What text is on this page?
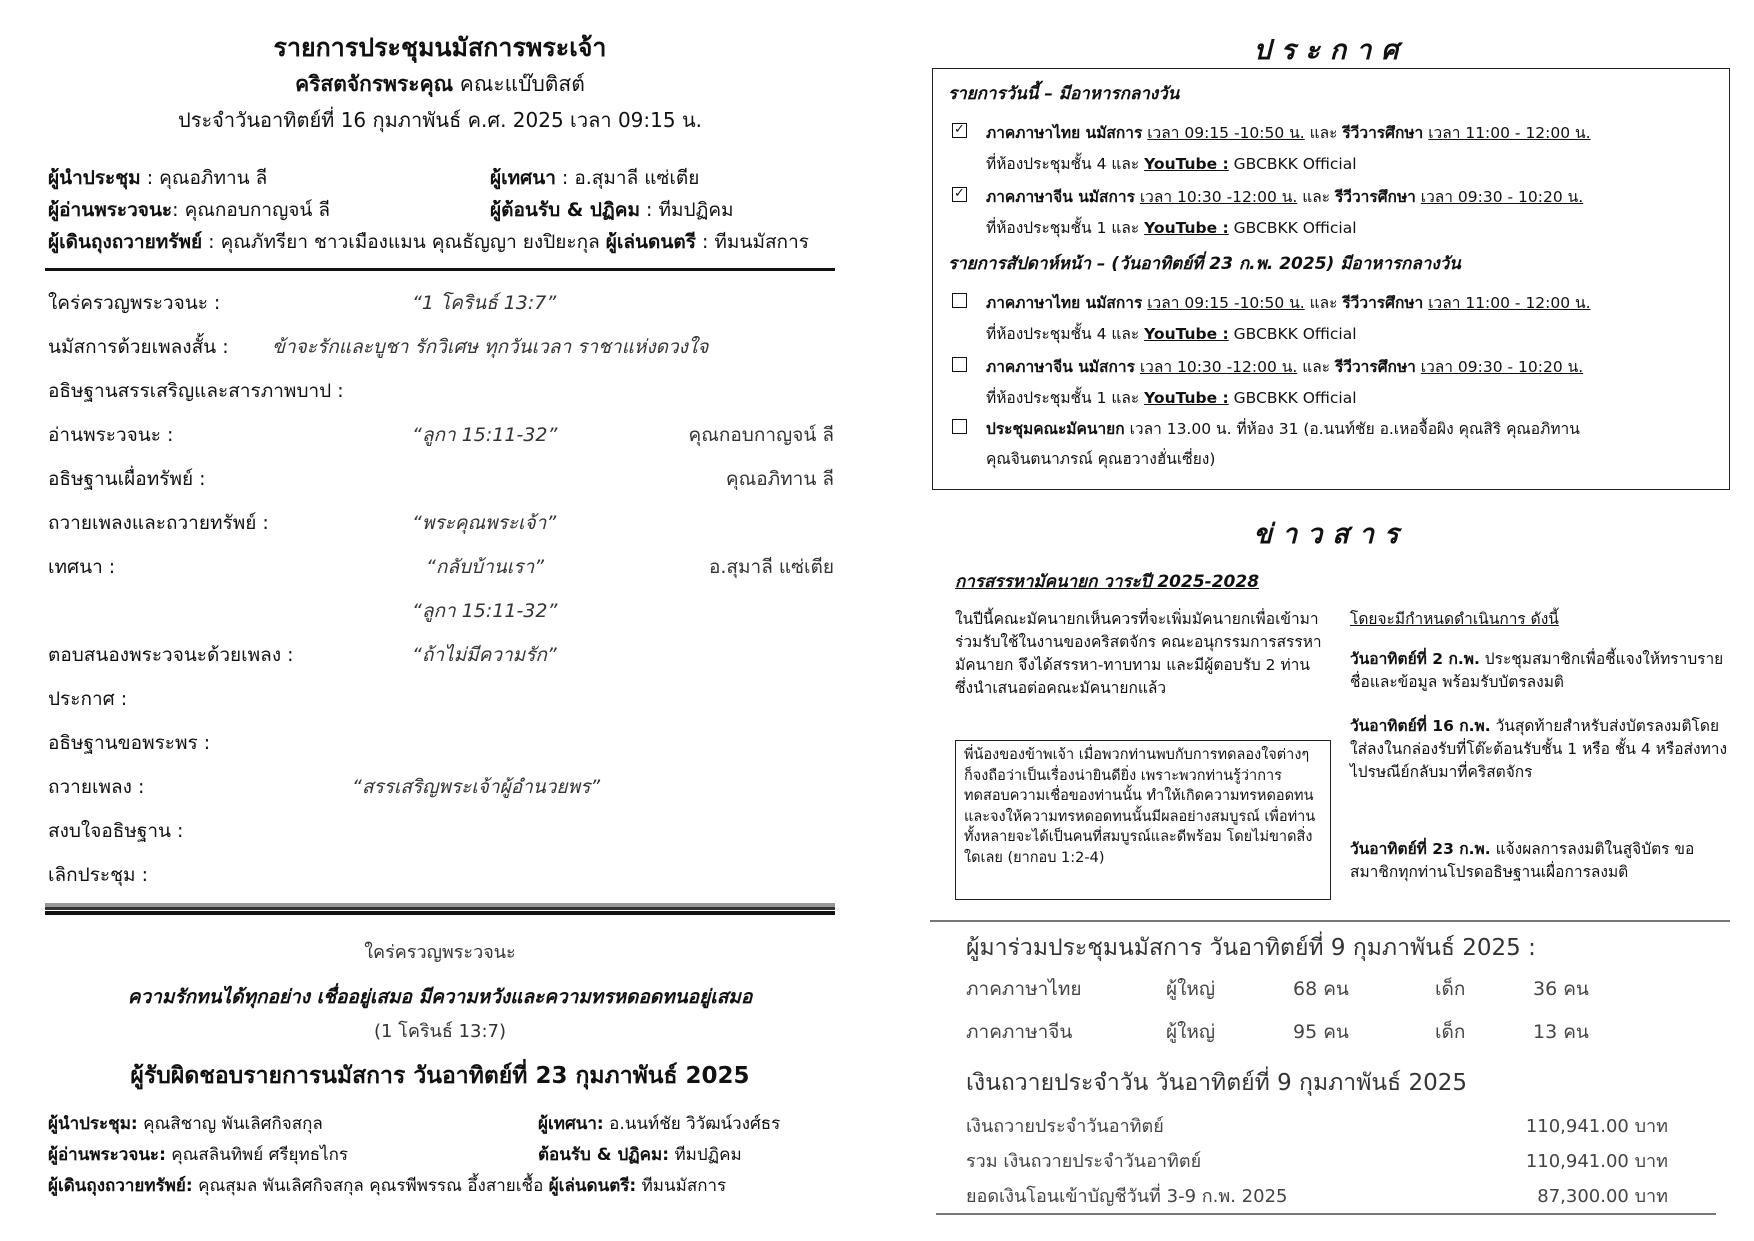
รายการประชุมนมัสการพระเจ้า
คริสตจักรพระคุณ คณะแบ๊บติสต์
ประจำวันอาทิตย์ที่ 16 กุมภาพันธ์ ค.ศ. 2025 เวลา 09:15 น.
ผู้นำประชุม : คุณอภิทาน ลี	ผู้เทศนา : อ.สุมาลี แซ่เตีย
ผู้อ่านพระวจนะ: คุณกอบกาญจน์ ลี	ผู้ต้อนรับ & ปฏิคม : ทีมปฏิคม
ผู้เดินถุงถวายทรัพย์ : คุณภัทรียา ชาวเมืองแมน คุณธัญญา ยงปิยะกุล ผู้เล่นดนตรี : ทีมนมัสการ
ใคร่ครวญพระวจนะ :	“1 โครินธ์ 13:7”
นมัสการด้วยเพลงสั้น : ข้าจะรักและบูชา รักวิเศษ ทุกวันเวลา ราชาแห่งดวงใจ
อธิษฐานสรรเสริญและสารภาพบาป :
อ่านพระวจนะ :	“ลูกา 15:11-32”	คุณกอบกาญจน์ ลี
อธิษฐานเผื่อทรัพย์ :	คุณอภิทาน ลี
ถวายเพลงและถวายทรัพย์ :	“พระคุณพระเจ้า”
เทศนา :	“กลับบ้านเรา”	อ.สุมาลี แซ่เตีย
“ลูกา 15:11-32”
ตอบสนองพระวจนะด้วยเพลง :	“ถ้าไม่มีความรัก”
ประกาศ :
อธิษฐานขอพระพร :
ถวายเพลง :	“สรรเสริญพระเจ้าผู้อำนวยพร”
สงบใจอธิษฐาน :
เลิกประชุม :
ใคร่ครวญพระวจนะ
ความรักทนได้ทุกอย่าง เชื่ออยู่เสมอ มีความหวังและความทรหดอดทนอยู่เสมอ
(1 โครินธ์ 13:7)
ผู้รับผิดชอบรายการนมัสการ วันอาทิตย์ที่ 23 กุมภาพันธ์ 2025
ผู้นำประชุม: คุณสิชาญ พันเลิศกิจสกุล	ผู้เทศนา: อ.นนท์ชัย วิวัฒน์วงศ์ธร
ผู้อ่านพระวจนะ: คุณสลินทิพย์ ศรียุทธไกร	ต้อนรับ & ปฏิคม: ทีมปฏิคม
ผู้เดินถุงถวายทรัพย์: คุณสุมล พันเลิศกิจสกุล คุณรพีพรรณ อึ้งสายเชื้อ ผู้เล่นดนตรี: ทีมนมัสการ
ประกาศ
รายการวันนี้ – มีอาหารกลางวัน
✓ ภาคภาษาไทย นมัสการ เวลา 09:15 -10:50 น. และ รีวีวารศึกษา เวลา 11:00 - 12:00 น.
ที่ห้องประชุมชั้น 4 และ YouTube : GBCBKK Official
✓ ภาคภาษาจีน นมัสการ เวลา 10:30 -12:00 น. และ รีวีวารศึกษา เวลา 09:30 - 10:20 น.
ที่ห้องประชุมชั้น 1 และ YouTube : GBCBKK Official
รายการสัปดาห์หน้า – (วันอาทิตย์ที่ 23 ก.พ. 2025) มีอาหารกลางวัน
ภาคภาษาไทย นมัสการ เวลา 09:15 -10:50 น. และ รีวีวารศึกษา เวลา 11:00 - 12:00 น.
ที่ห้องประชุมชั้น 4 และ YouTube : GBCBKK Official
ภาคภาษาจีน นมัสการ เวลา 10:30 -12:00 น. และ รีวีวารศึกษา เวลา 09:30 - 10:20 น.
ที่ห้องประชุมชั้น 1 และ YouTube : GBCBKK Official
ประชุมคณะมัคนายก เวลา 13.00 น. ที่ห้อง 31 (อ.นนท์ชัย อ.เหอจื้อผิง คุณสิริ คุณอภิทาน
คุณจินตนาภรณ์ คุณฮวางฮั่นเซี่ยง)
ข่าวสาร
การสรรหามัคนายก วาระปี 2025-2028
ในปีนี้คณะมัคนายกเห็นควรที่จะเพิ่มมัคนายกเพื่อเข้ามาร่วมรับใช้ในงานของคริสตจักร คณะอนุกรรมการสรรหามัคนายก จึงได้สรรหา-ทาบทาม และมีผู้ตอบรับ 2 ท่าน ซึ่งนำเสนอต่อคณะมัคนายกแล้ว
พี่น้องของข้าพเจ้า เมื่อพวกท่านพบกับการทดลองใจต่างๆ ก็จงถือว่าเป็นเรื่องน่ายินดียิ่ง เพราะพวกท่านรู้ว่าการทดสอบความเชื่อของท่านนั้น ทำให้เกิดความทรหดอดทน และจงให้ความทรหดอดทนนั้นมีผลอย่างสมบูรณ์ เพื่อท่านทั้งหลายจะได้เป็นคนที่สมบูรณ์และดีพร้อม โดยไม่ขาดสิ่งใดเลย (ยากอบ 1:2-4)
โดยจะมีกำหนดดำเนินการ ดังนี้
วันอาทิตย์ที่ 2 ก.พ. ประชุมสมาชิกเพื่อชี้แจงให้ทราบรายชื่อและข้อมูล พร้อมรับบัตรลงมติ
วันอาทิตย์ที่ 16 ก.พ. วันสุดท้ายสำหรับส่งบัตรลงมติโดยใส่ลงในกล่องรับที่โต๊ะต้อนรับชั้น 1 หรือ ชั้น 4 หรือส่งทางไปรษณีย์กลับมาที่คริสตจักร
วันอาทิตย์ที่ 23 ก.พ. แจ้งผลการลงมติในสูจิบัตร ขอสมาชิกทุกท่านโปรดอธิษฐานเผื่อการลงมติ
ผู้มาร่วมประชุมนมัสการ วันอาทิตย์ที่ 9 กุมภาพันธ์ 2025 :
ภาคภาษาไทย	ผู้ใหญ่	68 คน	เด็ก	36 คน
ภาคภาษาจีน	ผู้ใหญ่	95 คน	เด็ก	13 คน
เงินถวายประจำวัน วันอาทิตย์ที่ 9 กุมภาพันธ์ 2025
เงินถวายประจำวันอาทิตย์	110,941.00 บาท
รวม เงินถวายประจำวันอาทิตย์	110,941.00 บาท
ยอดเงินโอนเข้าบัญชีวันที่ 3-9 ก.พ. 2025	87,300.00 บาท
